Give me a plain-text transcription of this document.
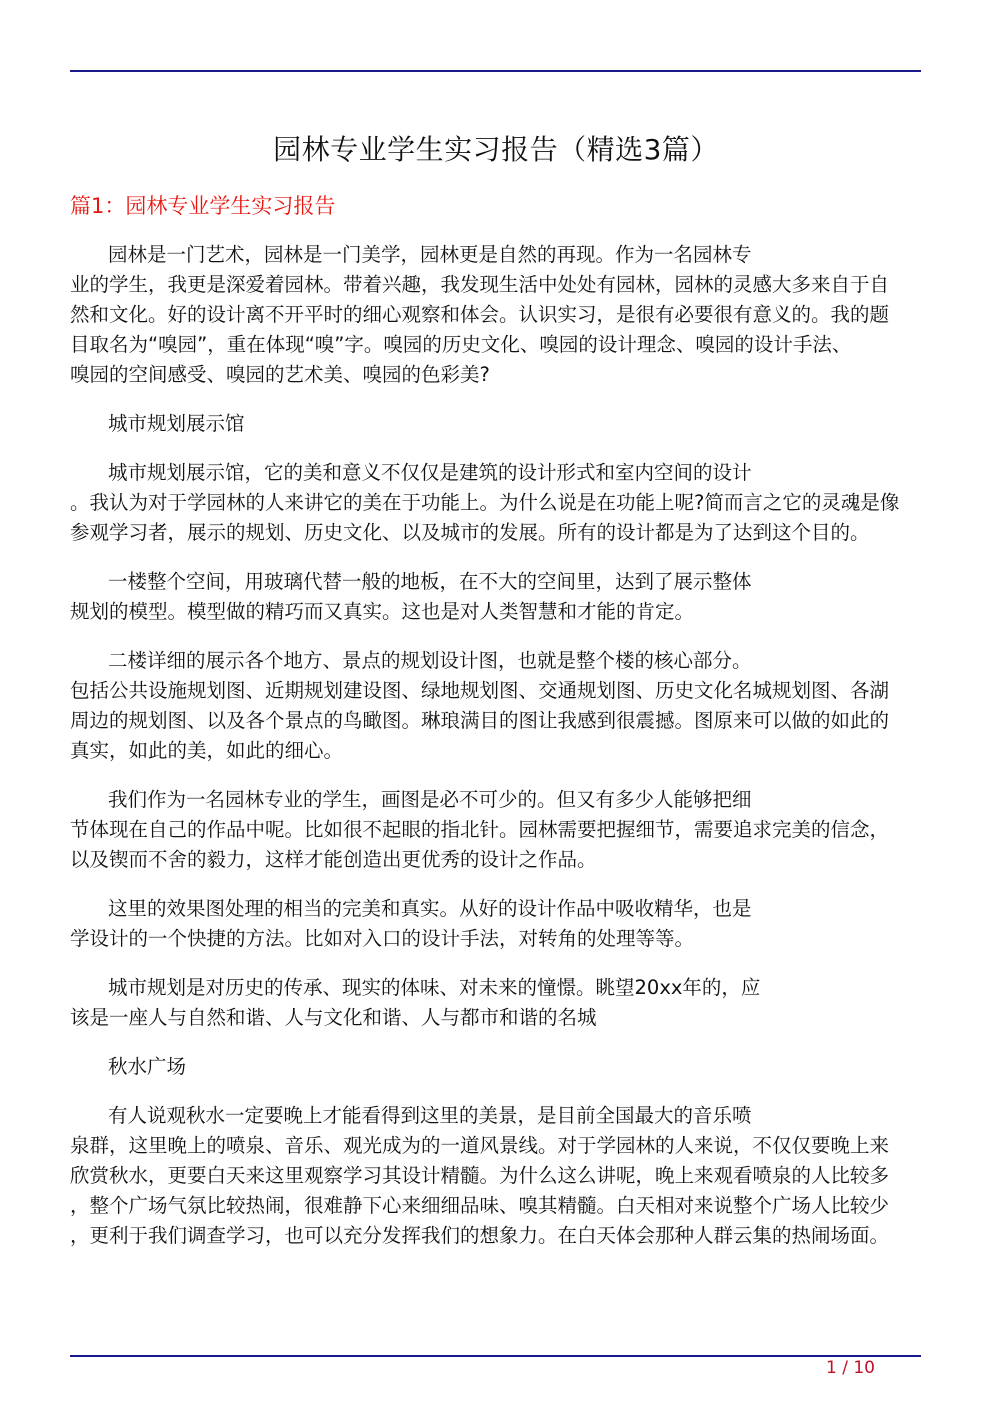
园林专业学生实习报告（精选3篇）
篇1：园林专业学生实习报告
园林是一门艺术，园林是一门美学，园林更是自然的再现。作为一名园林专
业的学生，我更是深爱着园林。带着兴趣，我发现生活中处处有园林，园林的灵感大多来自于自
然和文化。好的设计离不开平时的细心观察和体会。认识实习，是很有必要很有意义的。我的题
目取名为“嗅园”，重在体现“嗅”字。嗅园的历史文化、嗅园的设计理念、嗅园的设计手法、
嗅园的空间感受、嗅园的艺术美、嗅园的色彩美?
城市规划展示馆
城市规划展示馆，它的美和意义不仅仅是建筑的设计形式和室内空间的设计
。我认为对于学园林的人来讲它的美在于功能上。为什么说是在功能上呢?简而言之它的灵魂是像
参观学习者，展示的规划、历史文化、以及城市的发展。所有的设计都是为了达到这个目的。
一楼整个空间，用玻璃代替一般的地板，在不大的空间里，达到了展示整体
规划的模型。模型做的精巧而又真实。这也是对人类智慧和才能的肯定。
二楼详细的展示各个地方、景点的规划设计图，也就是整个楼的核心部分。
包括公共设施规划图、近期规划建设图、绿地规划图、交通规划图、历史文化名城规划图、各湖
周边的规划图、以及各个景点的鸟瞰图。琳琅满目的图让我感到很震撼。图原来可以做的如此的
真实，如此的美，如此的细心。
我们作为一名园林专业的学生，画图是必不可少的。但又有多少人能够把细
节体现在自己的作品中呢。比如很不起眼的指北针。园林需要把握细节，需要追求完美的信念，
以及锲而不舍的毅力，这样才能创造出更优秀的设计之作品。
这里的效果图处理的相当的完美和真实。从好的设计作品中吸收精华，也是
学设计的一个快捷的方法。比如对入口的设计手法，对转角的处理等等。
城市规划是对历史的传承、现实的体味、对未来的憧憬。眺望20xx年的，应
该是一座人与自然和谐、人与文化和谐、人与都市和谐的名城
秋水广场
有人说观秋水一定要晚上才能看得到这里的美景，是目前全国最大的音乐喷
泉群，这里晚上的喷泉、音乐、观光成为的一道风景线。对于学园林的人来说，不仅仅要晚上来
欣赏秋水，更要白天来这里观察学习其设计精髓。为什么这么讲呢，晚上来观看喷泉的人比较多
，整个广场气氛比较热闹，很难静下心来细细品味、嗅其精髓。白天相对来说整个广场人比较少
，更利于我们调查学习，也可以充分发挥我们的想象力。在白天体会那种人群云集的热闹场面。
1 / 10
